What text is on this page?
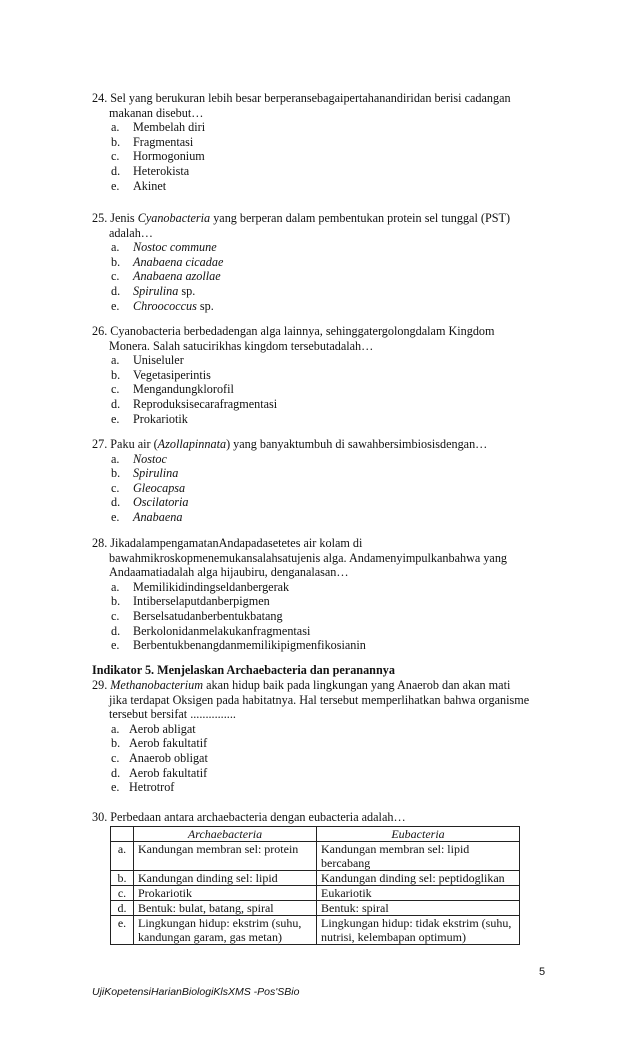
24. Sel yang berukuran lebih besar berperansebagaipertahanandiridan berisi cadangan
makanan disebut…
a. Membelah diri
b. Fragmentasi
c. Hormogonium
d. Heterokista
e. Akinet
25. Jenis Cyanobacteria yang berperan dalam pembentukan protein sel tunggal (PST)
adalah…
a. Nostoc commune
b. Anabaena cicadae
c. Anabaena azollae
d. Spirulina sp.
e. Chroococcus sp.
26. Cyanobacteria berbedadengan alga lainnya, sehinggatergolongdalam Kingdom
Monera. Salah satucirikhas kingdom tersebutadalah…
a. Uniseluler
b. Vegetasiperintis
c. Mengandungklorofil
d. Reproduksisecarafragmentasi
e. Prokariotik
27. Paku air (Azollapinnata) yang banyaktumbuh di sawahbersimbiosisdengan…
a. Nostoc
b. Spirulina
c. Gleocapsa
d. Oscilatoria
e. Anabaena
28. JikadalampengamatanAndapadasetetes air kolam di
bawahmikroskopmenemukansalahsatujenis alga. Andamenyimpulkanbahwa yang
Andaamatiadalah alga hijaubiru, denganalasan…
a. Memilikidindingseldanbergerak
b. Intiberselaputdanberpigmen
c. Berselsatudanberbentukbatang
d. Berkolonidanmelakukanfragmentasi
e. Berbentukbenangdanmemilikipigmenfikosianin
Indikator 5. Menjelaskan Archaebacteria dan peranannya
29. Methanobacterium akan hidup baik pada lingkungan yang Anaerob dan akan mati
jika terdapat Oksigen pada habitatnya. Hal tersebut memperlihatkan bahwa organisme
tersebut bersifat ...............
a. Aerob abligat
b. Aerob fakultatif
c. Anaerob obligat
d. Aerob fakultatif
e. Hetrotrof
30. Perbedaan antara archaebacteria dengan eubacteria adalah…
	Archaebacteria	Eubacteria
a.	Kandungan membran sel: protein	Kandungan membran sel: lipid bercabang
b.	Kandungan dinding sel: lipid	Kandungan dinding sel: peptidoglikan
c.	Prokariotik	Eukariotik
d.	Bentuk: bulat, batang, spiral	Bentuk: spiral
e.	Lingkungan hidup: ekstrim (suhu, kandungan garam, gas metan)	Lingkungan hidup: tidak ekstrim (suhu, nutrisi, kelembapan optimum)
5
UjiKopetensiHarianBiologiKlsXMS -Pos'SBio
